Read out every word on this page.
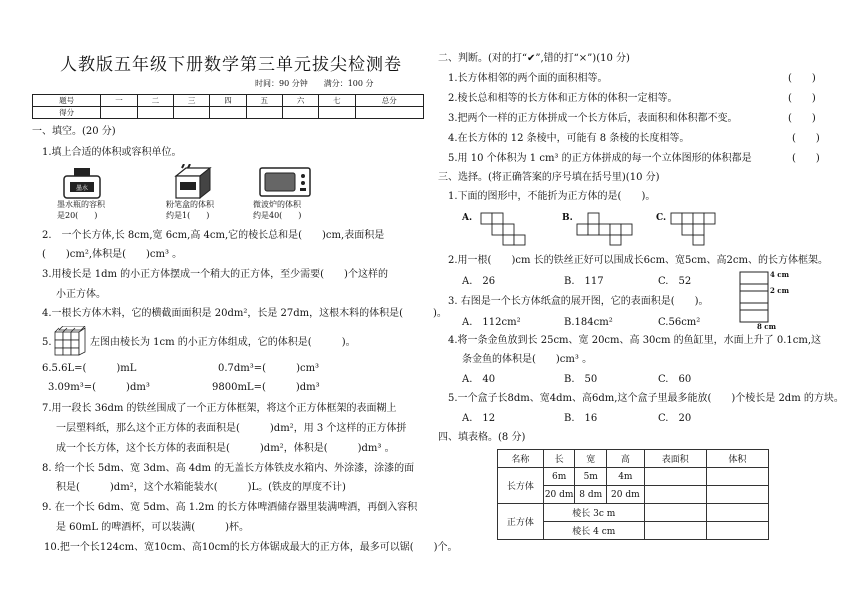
人教版五年级下册数学第三单元拔尖检测卷
时间：90 分钟　　满分：100 分
题号	一	二	三	四	五	六	七	总分
得分								
一、填空。(20 分)
1.填上合适的体积或容积单位。
墨水
墨水瓶的容积
是20(　　)
粉笔盒的体积
约是1(　　)
微波炉的体积
约是40(　　)
2.　一个长方体,长 8cm,宽 6cm,高 4cm,它的棱长总和是(　　)cm,表面积是
(　　)cm²,体积是(　　)cm³ 。
3.用棱长是 1dm 的小正方体摆成一个稍大的正方体，至少需要(　　)个这样的
小正方体。
4.一根长方体木料，它的横截面面积是 20dm²，长是 27dm，这根木料的体积是(　　　)。
5.	左图由棱长为 1cm 的小正方体组成，它的体积是(　　　)。
6.5.6L=(　　　)mL	0.7dm³=(　　　)cm³
3.09m³=(　　　)dm³	9800mL=(　　　)dm³
7.用一段长 36dm 的铁丝围成了一个正方体框架，将这个正方体框架的表面糊上
一层塑料纸，那么这个正方体的表面积是(　　　)dm²，用 3 个这样的正方体拼
成一个长方体，这个长方体的表面积是(　　　)dm²，体积是(　　　)dm³ 。
8. 给一个长 5dm、宽 3dm、高 4dm 的无盖长方体铁皮水箱内、外涂漆，涂漆的面
积是(　　　)dm²，这个水箱能装水(　　　)L。(铁皮的厚度不计)
9. 在一个长 6dm、宽 5dm、高 1.2m 的长方体啤酒储存器里装满啤酒，再倒入容积
是 60mL 的啤酒杯，可以装满(　　　)杯。
10.把一个长124cm、宽10cm、高10cm的长方体锯成最大的正方体，最多可以锯(　　)个。
二、判断。(对的打“✔”,错的打“×”)(10 分)
1.长方体相邻的两个面的面积相等。	(　　)
2.棱长总和相等的长方体和正方体的体积一定相等。	(　　)
3.把两个一样的正方体拼成一个长方体后，表面积和体积都不变。	(　　)
4.在长方体的 12 条棱中，可能有 8 条棱的长度相等。	(　　)
5.用 10 个体积为 1 cm³ 的正方体拼成的每一个立体图形的体积都是	(　　)
三、选择。(将正确答案的序号填在括号里)(10 分)
1.下面的图形中，不能折为正方体的是(　　)。
A.	B.	C.
2.用一根(　　)cm 长的铁丝正好可以围成长6cm、宽5cm、高2cm、的长方体框架。
A.　26	B.　117	C.　52
3. 右图是一个长方体纸盒的展开图，它的表面积是(　　)。
A.　112cm²	B.184cm²	C.56cm²
4 cm
2 cm
8 cm
4.将一条金鱼放到长 25cm、宽 20cm、高 30cm 的鱼缸里，水面上升了 0.1cm,这
条金鱼的体积是(　　)cm³ 。
A.　40	B.　50	C.　60
5.一个盒子长8dm、宽4dm、高6dm,这个盒子里最多能放(　　)个棱长是 2dm 的方块。
A.　12	B.　16	C.　20
四、填表格。(8 分)
名称	长	宽	高	表面积	体积
长方体	6m	5m	4m		
	20 dm	8 dm	20 dm		
正方体	棱长 3c m				
	棱长 4 cm				
